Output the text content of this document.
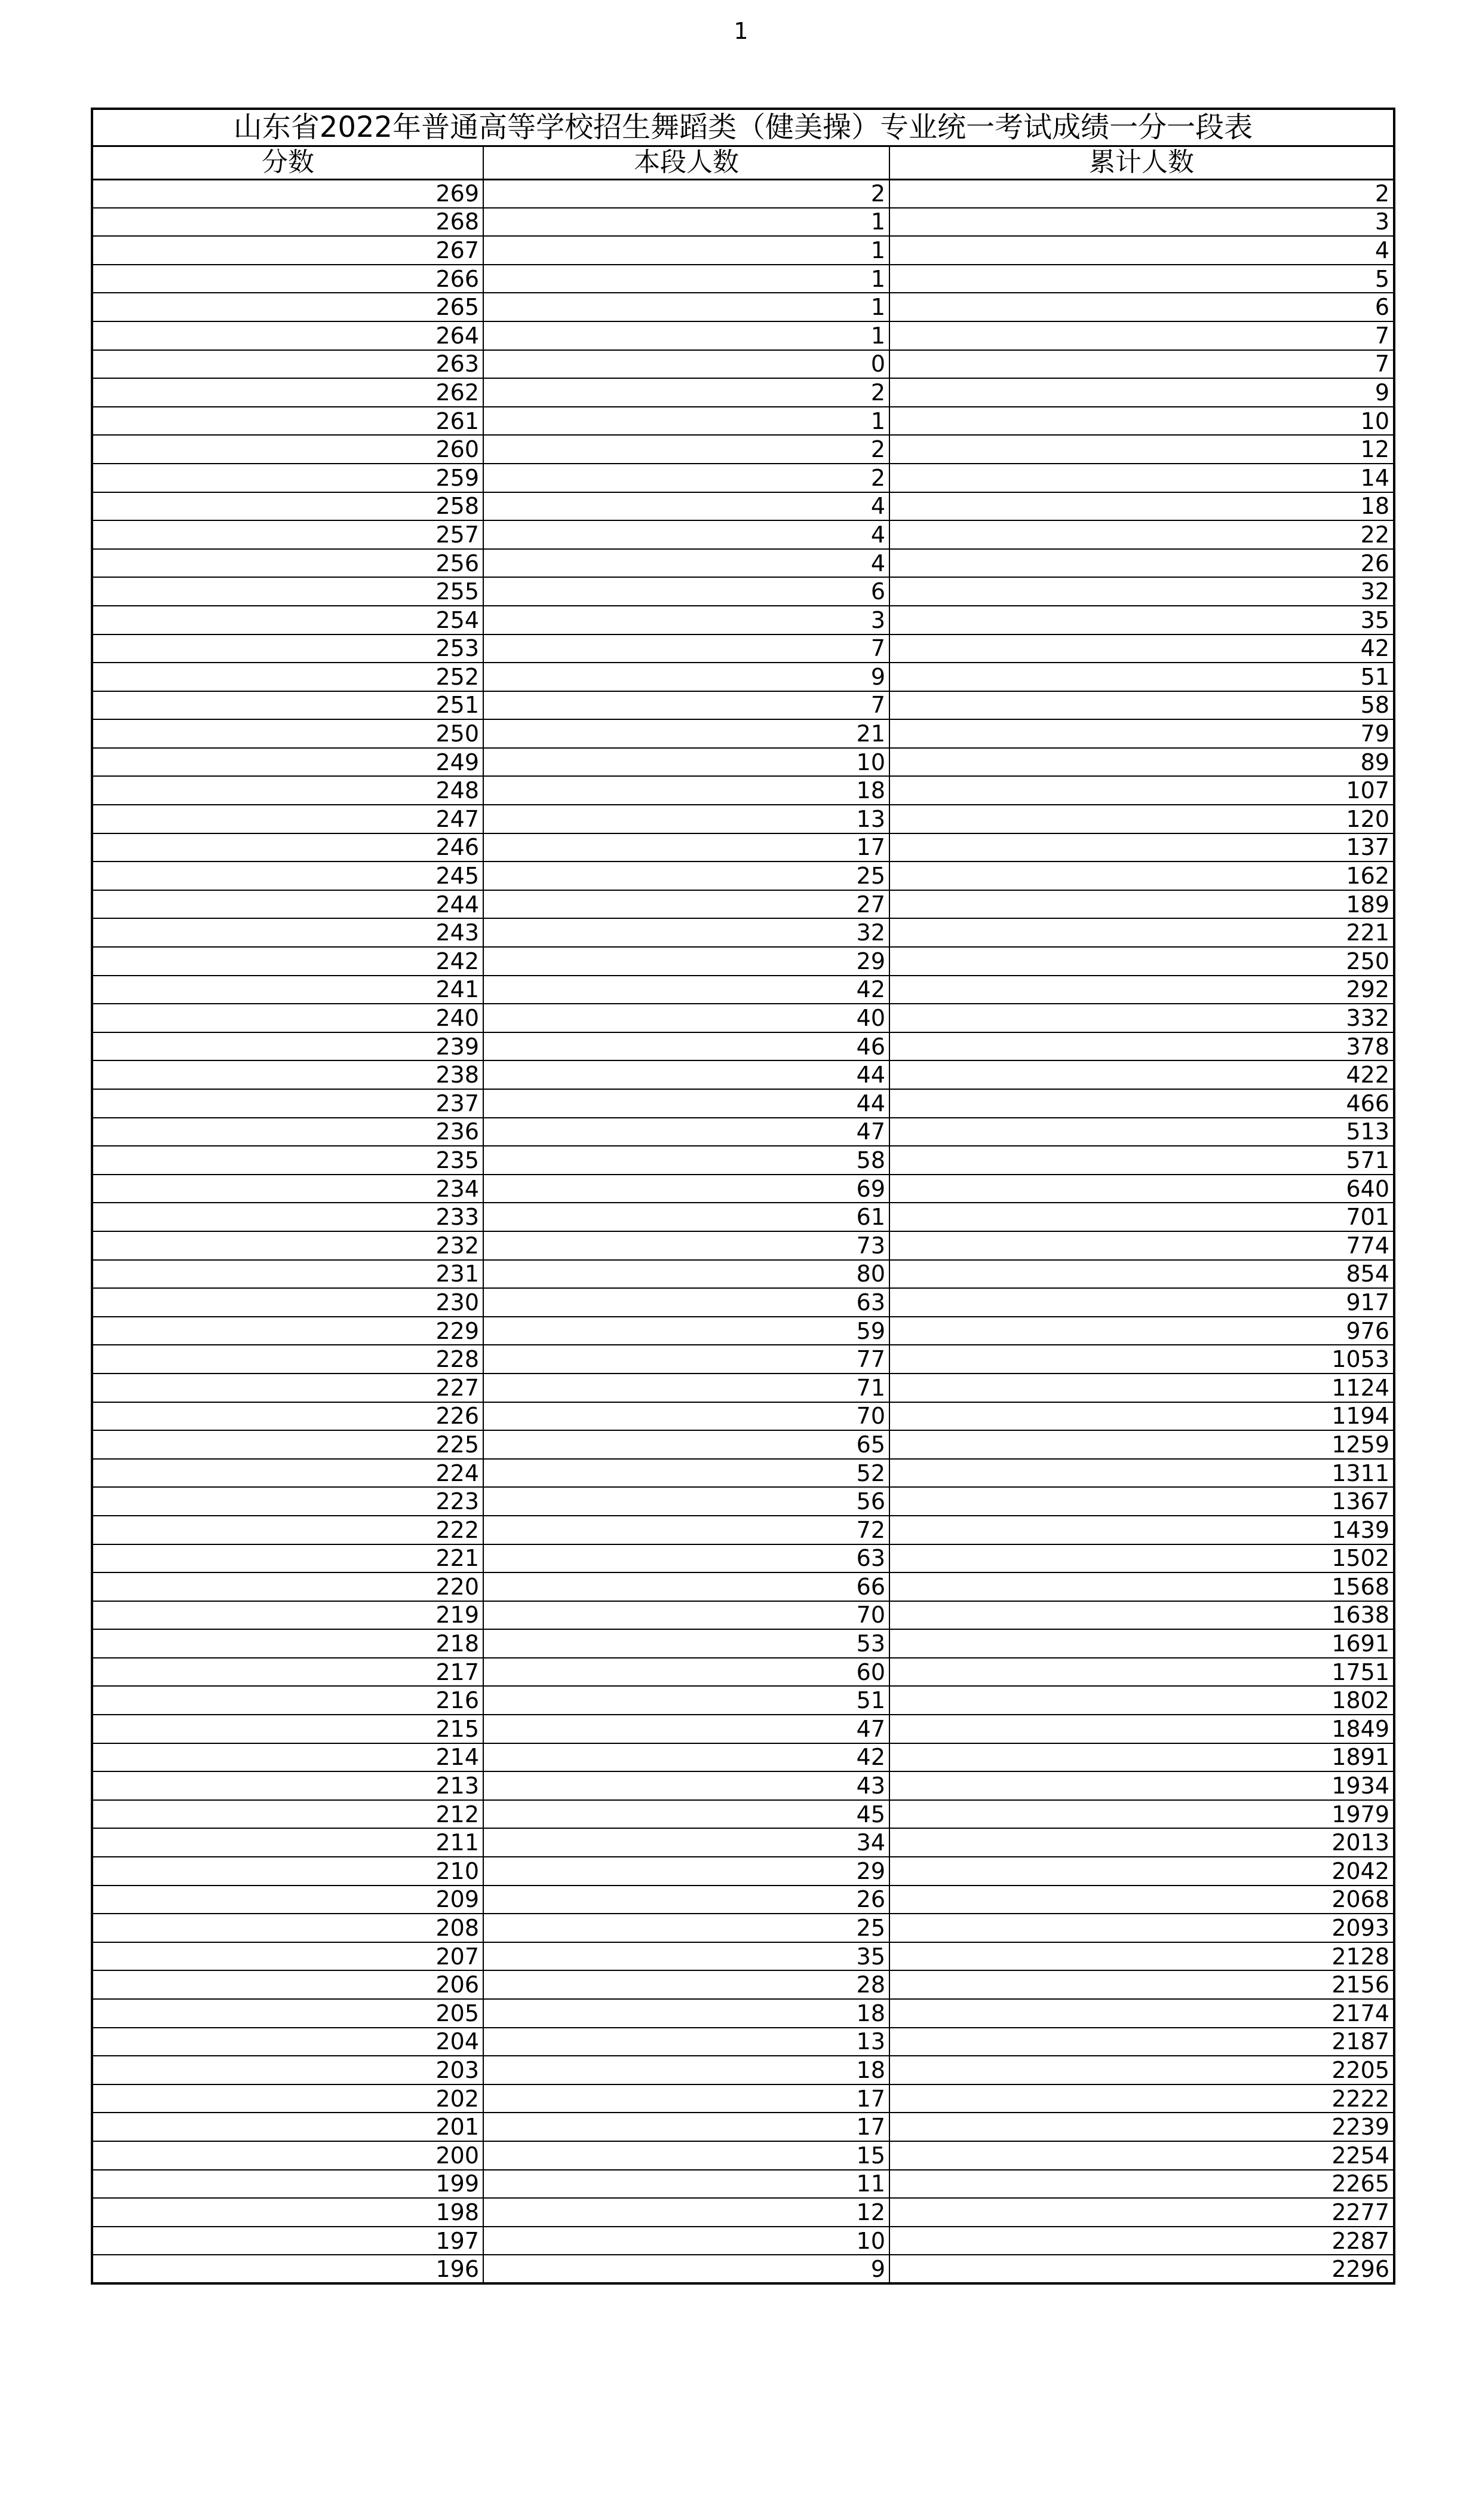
1
山东省2022年普通高等学校招生舞蹈类（健美操）专业统一考试成绩一分一段表		
分数	本段人数	累计人数
269	2	2
268	1	3
267	1	4
266	1	5
265	1	6
264	1	7
263	0	7
262	2	9
261	1	10
260	2	12
259	2	14
258	4	18
257	4	22
256	4	26
255	6	32
254	3	35
253	7	42
252	9	51
251	7	58
250	21	79
249	10	89
248	18	107
247	13	120
246	17	137
245	25	162
244	27	189
243	32	221
242	29	250
241	42	292
240	40	332
239	46	378
238	44	422
237	44	466
236	47	513
235	58	571
234	69	640
233	61	701
232	73	774
231	80	854
230	63	917
229	59	976
228	77	1053
227	71	1124
226	70	1194
225	65	1259
224	52	1311
223	56	1367
222	72	1439
221	63	1502
220	66	1568
219	70	1638
218	53	1691
217	60	1751
216	51	1802
215	47	1849
214	42	1891
213	43	1934
212	45	1979
211	34	2013
210	29	2042
209	26	2068
208	25	2093
207	35	2128
206	28	2156
205	18	2174
204	13	2187
203	18	2205
202	17	2222
201	17	2239
200	15	2254
199	11	2265
198	12	2277
197	10	2287
196	9	2296
